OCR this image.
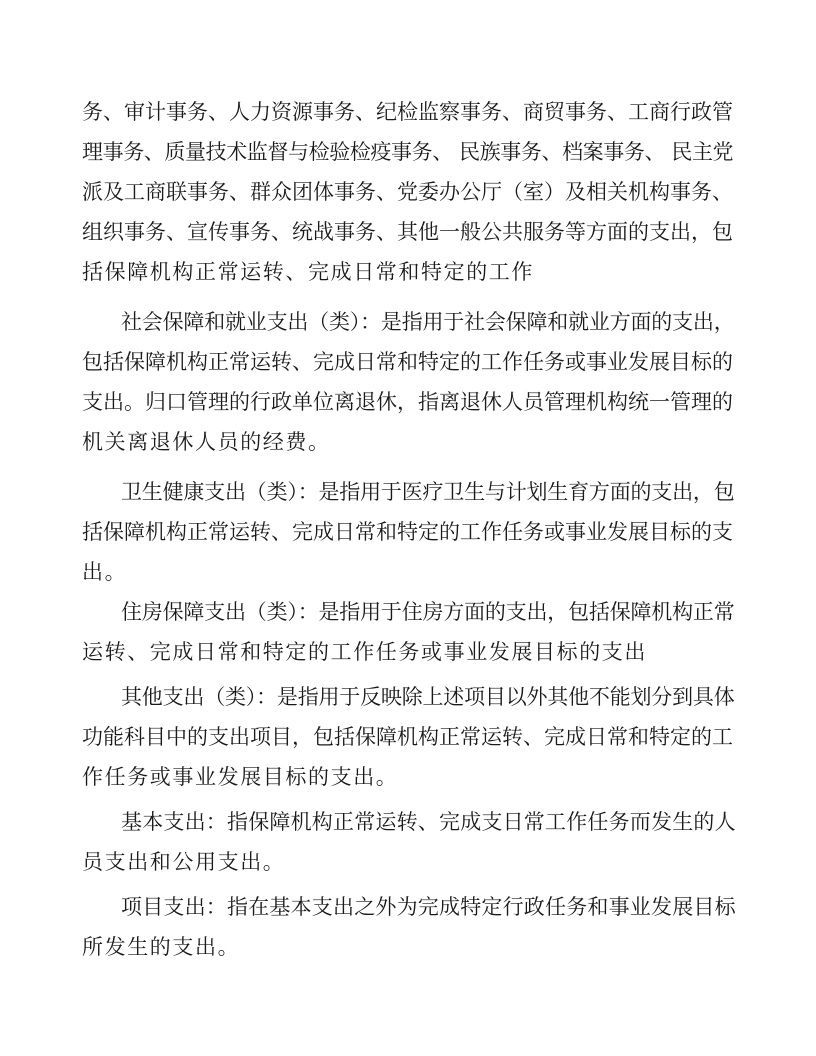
务、审计事务、人力资源事务、纪检监察事务、商贸事务、工商行政管
理事务、质量技术监督与检验检疫事务、 民族事务、档案事务、 民主党
派及工商联事务、群众团体事务、党委办公厅（室）及相关机构事务、
组织事务、宣传事务、统战事务、其他一般公共服务等方面的支出，包
括保障机构正常运转、完成日常和特定的工作
社会保障和就业支出（类）：是指用于社会保障和就业方面的支出，
包括保障机构正常运转、完成日常和特定的工作任务或事业发展目标的
支出。归口管理的行政单位离退休，指离退休人员管理机构统一管理的
机关离退休人员的经费。
卫生健康支出（类）：是指用于医疗卫生与计划生育方面的支出，包
括保障机构正常运转、完成日常和特定的工作任务或事业发展目标的支
出。
住房保障支出（类）：是指用于住房方面的支出，包括保障机构正常
运转、完成日常和特定的工作任务或事业发展目标的支出
其他支出（类）：是指用于反映除上述项目以外其他不能划分到具体
功能科目中的支出项目，包括保障机构正常运转、完成日常和特定的工
作任务或事业发展目标的支出。
基本支出：指保障机构正常运转、完成支日常工作任务而发生的人
员支出和公用支出。
项目支出：指在基本支出之外为完成特定行政任务和事业发展目标
所发生的支出。
